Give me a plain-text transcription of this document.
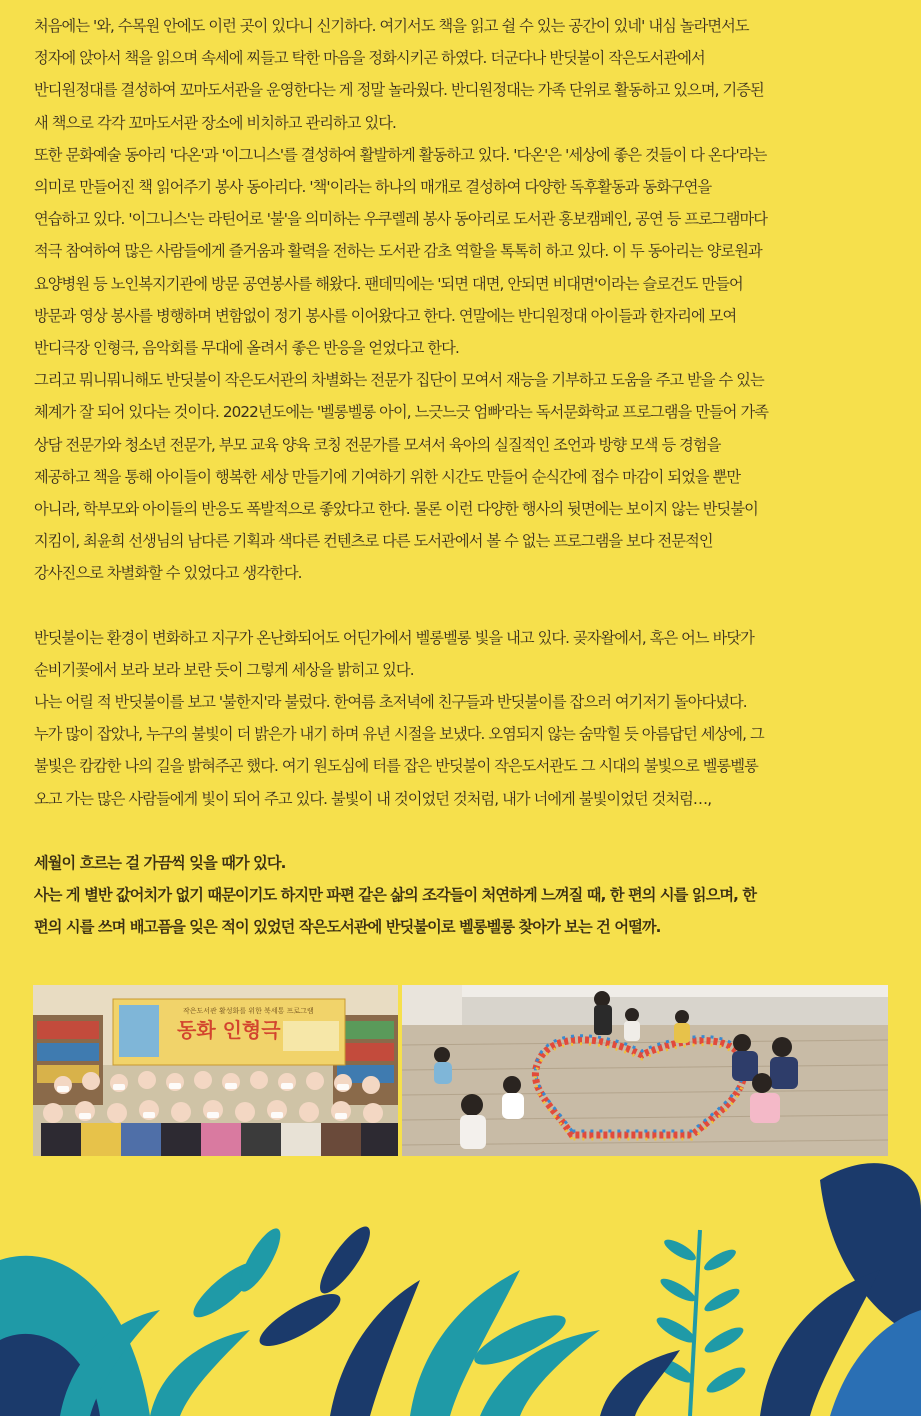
처음에는 '와, 수목원 안에도 이런 곳이 있다니 신기하다. 여기서도 책을 읽고 쉴 수 있는 공간이 있네' 내심 놀라면서도
정자에 앉아서 책을 읽으며 속세에 찌들고 탁한 마음을 정화시키곤 하였다. 더군다나 반딧불이 작은도서관에서
반디원정대를 결성하여 꼬마도서관을 운영한다는 게 정말 놀라웠다. 반디원정대는 가족 단위로 활동하고 있으며, 기증된
새 책으로 각각 꼬마도서관 장소에 비치하고 관리하고 있다.

또한 문화예술 동아리 '다온'과 '이그니스'를 결성하여 활발하게 활동하고 있다. '다온'은 '세상에 좋은 것들이 다 온다'라는
의미로 만들어진 책 읽어주기 봉사 동아리다. '책'이라는 하나의 매개로 결성하여 다양한 독후활동과 동화구연을
연습하고 있다. '이그니스'는 라틴어로 '불'을 의미하는 우쿠렐레 봉사 동아리로 도서관 홍보캠페인, 공연 등 프로그램마다
적극 참여하여 많은 사람들에게 즐거움과 활력을 전하는 도서관 감초 역할을 톡톡히 하고 있다. 이 두 동아리는 양로원과
요양병원 등 노인복지기관에 방문 공연봉사를 해왔다. 팬데믹에는 '되면 대면, 안되면 비대면'이라는 슬로건도 만들어
방문과 영상 봉사를 병행하며 변함없이 정기 봉사를 이어왔다고 한다. 연말에는 반디원정대 아이들과 한자리에 모여
반디극장 인형극, 음악회를 무대에 올려서 좋은 반응을 얻었다고 한다.

그리고 뭐니뭐니해도 반딧불이 작은도서관의 차별화는 전문가 집단이 모여서 재능을 기부하고 도움을 주고 받을 수 있는
체계가 잘 되어 있다는 것이다. 2022년도에는 '벨롱벨롱 아이, 느긋느긋 엄빠'라는 독서문화학교 프로그램을 만들어 가족
상담 전문가와 청소년 전문가, 부모 교육 양육 코칭 전문가를 모셔서 육아의 실질적인 조언과 방향 모색 등 경험을
제공하고 책을 통해 아이들이 행복한 세상 만들기에 기여하기 위한 시간도 만들어 순식간에 접수 마감이 되었을 뿐만
아니라, 학부모와 아이들의 반응도 폭발적으로 좋았다고 한다. 물론 이런 다양한 행사의 뒷면에는 보이지 않는 반딧불이
지킴이, 최윤희 선생님의 남다른 기획과 색다른 컨텐츠로 다른 도서관에서 볼 수 없는 프로그램을 보다 전문적인
강사진으로 차별화할 수 있었다고 생각한다.

반딧불이는 환경이 변화하고 지구가 온난화되어도 어딘가에서 벨롱벨롱 빛을 내고 있다. 곶자왈에서, 혹은 어느 바닷가
순비기꽃에서 보라 보라 보란 듯이 그렇게 세상을 밝히고 있다.

나는 어릴 적 반딧불이를 보고 '불한지'라 불렀다. 한여름 초저녁에 친구들과 반딧불이를 잡으러 여기저기 돌아다녔다.
누가 많이 잡았나, 누구의 불빛이 더 밝은가 내기 하며 유년 시절을 보냈다. 오염되지 않는 숨막힐 듯 아름답던 세상에, 그
불빛은 캄캄한 나의 길을 밝혀주곤 했다. 여기 원도심에 터를 잡은 반딧불이 작은도서관도 그 시대의 불빛으로 벨롱벨롱
오고 가는 많은 사람들에게 빛이 되어 주고 있다. 불빛이 내 것이었던 것처럼, 내가 너에게 불빛이었던 것처럼…,

세월이 흐르는 걸 가끔씩 잊을 때가 있다.

사는 게 별반 값어치가 없기 때문이기도 하지만 파편 같은 삶의 조각들이 처연하게 느껴질 때, 한 편의 시를 읽으며, 한
편의 시를 쓰며 배고픔을 잊은 적이 있었던 작은도서관에 반딧불이로 벨롱벨롱 찾아가 보는 건 어떨까.

작은도서관 활성화를 위한 북세통 프로그램
동화 인형극
